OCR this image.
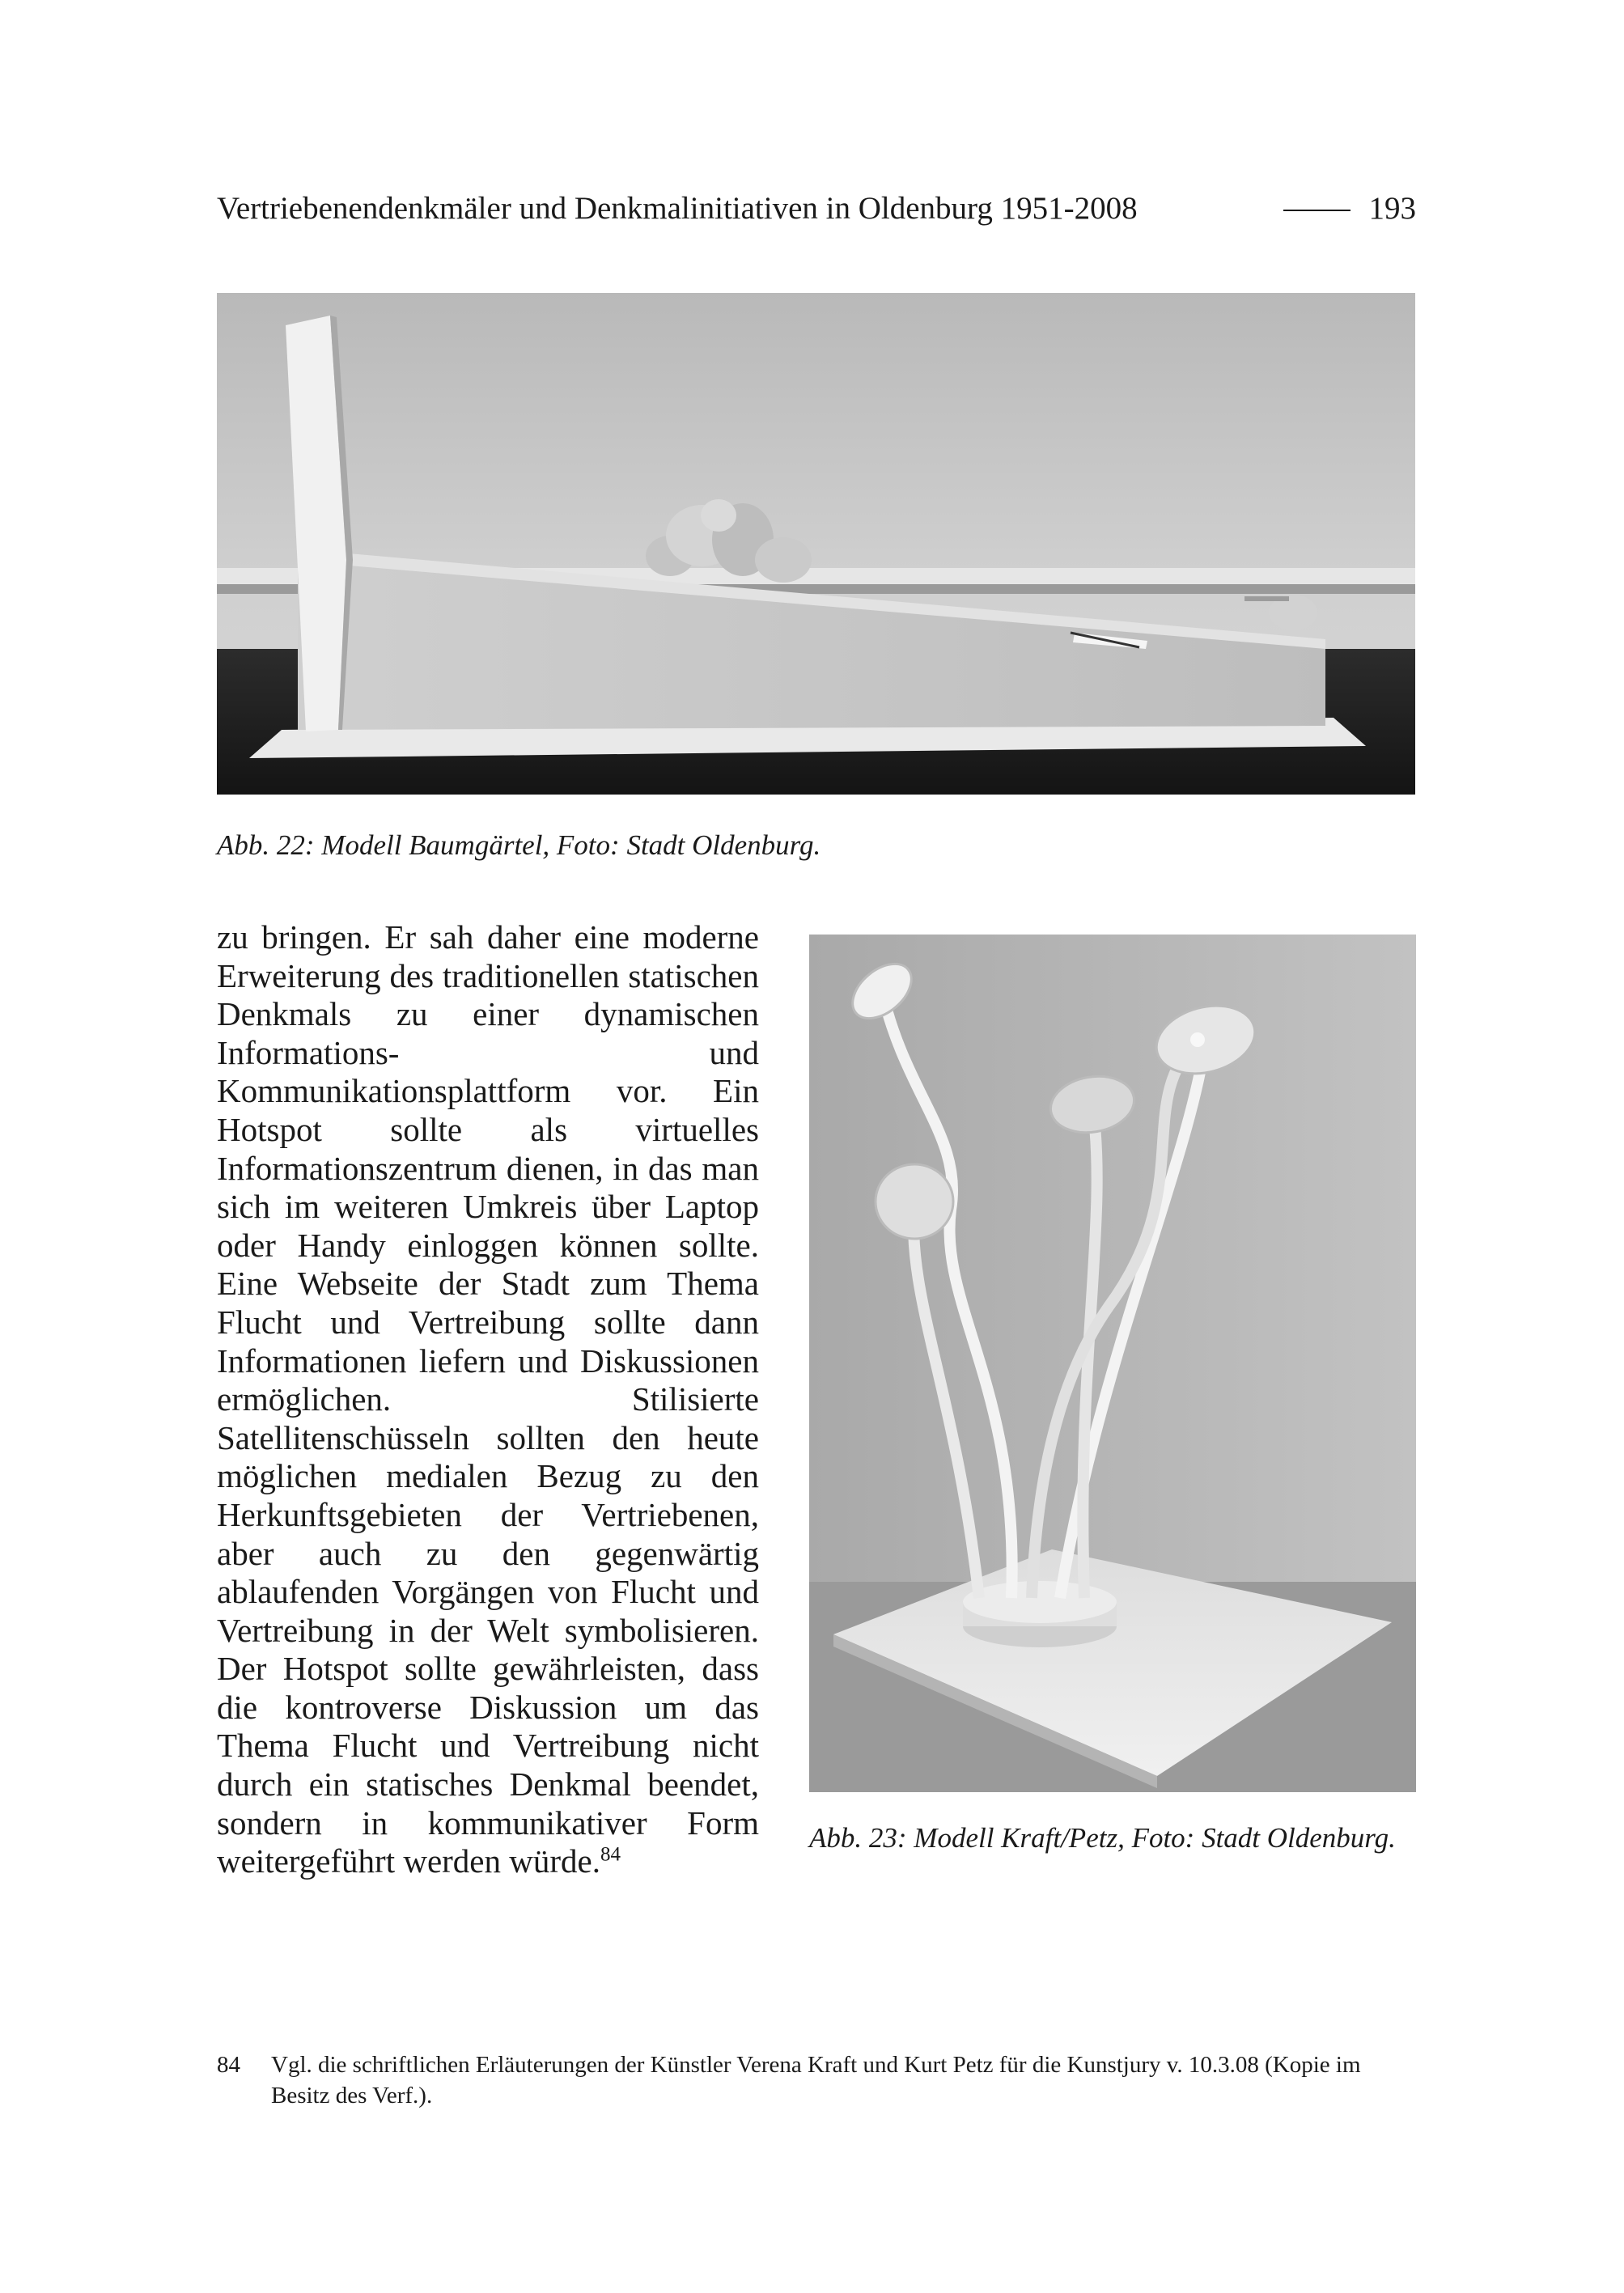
Vertriebenendenkmäler und Denkmalinitiativen in Oldenburg 1951-2008	193
Abb. 22: Modell Baumgärtel, Foto: Stadt Oldenburg.
zu bringen. Er sah daher eine moderne Erweiterung des traditionellen statischen Denkmals zu einer dynamischen Informations- und Kommunikationsplattform vor. Ein Hotspot sollte als virtuelles Informationszentrum dienen, in das man sich im weiteren Umkreis über Laptop oder Handy einloggen können sollte. Eine Webseite der Stadt zum Thema Flucht und Vertreibung sollte dann Informationen liefern und Diskussionen ermöglichen. Stilisierte Satellitenschüsseln sollten den heute möglichen medialen Bezug zu den Herkunftsgebieten der Vertriebenen, aber auch zu den gegenwärtig ablaufenden Vorgängen von Flucht und Vertreibung in der Welt symbolisieren. Der Hotspot sollte gewährleisten, dass die kontroverse Diskussion um das Thema Flucht und Vertreibung nicht durch ein statisches Denkmal beendet, sondern in kommunikativer Form weitergeführt werden würde.$^{84}$
Abb. 23: Modell Kraft/Petz, Foto: Stadt Oldenburg.
84 Vgl. die schriftlichen Erläuterungen der Künstler Verena Kraft und Kurt Petz für die Kunstjury v. 10.3.08 (Kopie im Besitz des Verf.).
